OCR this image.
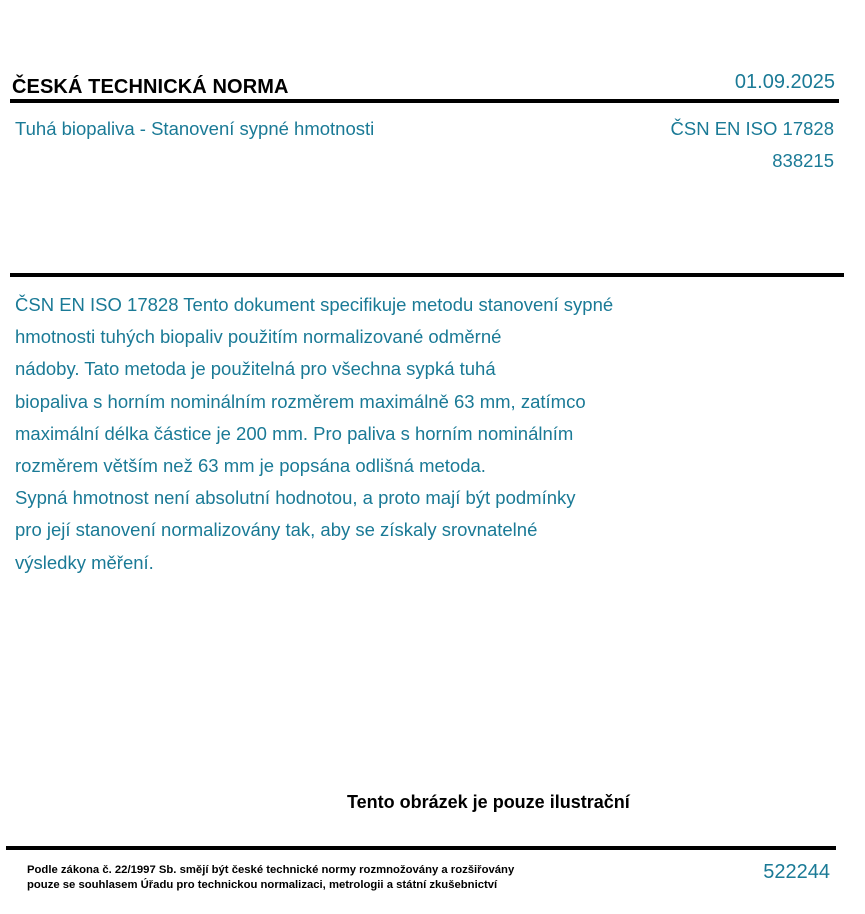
ČESKÁ TECHNICKÁ NORMA	01.09.2025
Tuhá biopaliva - Stanovení sypné hmotnosti	ČSN EN ISO 17828
838215
ČSN EN ISO 17828 Tento dokument specifikuje metodu stanovení sypné
hmotnosti tuhých biopaliv použitím normalizované odměrné
nádoby. Tato metoda je použitelná pro všechna sypká tuhá
biopaliva s horním nominálním rozměrem maximálně 63 mm, zatímco
maximální délka částice je 200 mm. Pro paliva s horním nominálním
rozměrem větším než 63 mm je popsána odlišná metoda.
Sypná hmotnost není absolutní hodnotou, a proto mají být podmínky
pro její stanovení normalizovány tak, aby se získaly srovnatelné
výsledky měření.
Tento obrázek je pouze ilustrační
Podle zákona č. 22/1997 Sb. smějí být české technické normy rozmnožovány a rozšiřovány
pouze se souhlasem Úřadu pro technickou normalizaci, metrologii a státní zkušebnictví
522244
